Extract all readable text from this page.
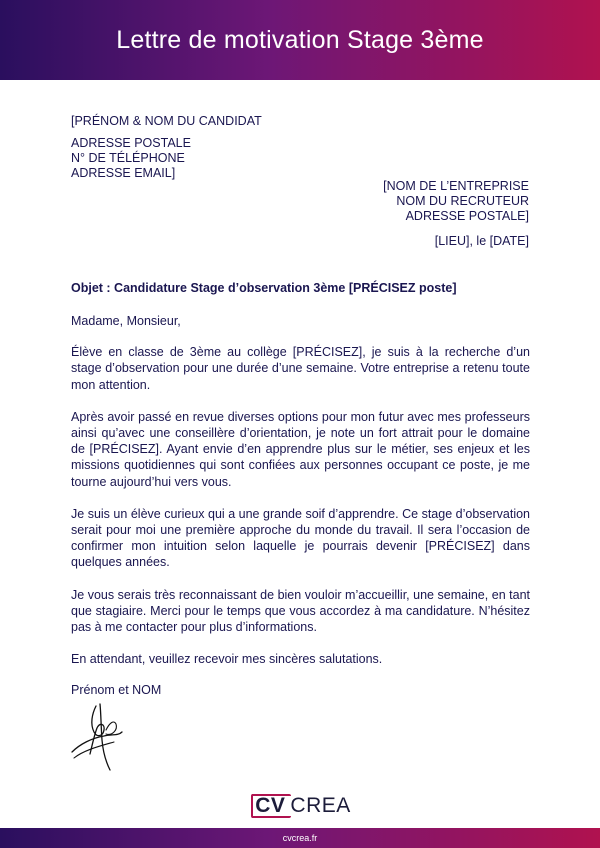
Lettre de motivation Stage 3ème
[PRÉNOM & NOM DU CANDIDAT
ADRESSE POSTALE
N° DE TÉLÉPHONE
ADRESSE EMAIL]
[NOM DE L’ENTREPRISE
NOM DU RECRUTEUR
ADRESSE POSTALE]
[LIEU], le [DATE]
Objet : Candidature Stage d’observation 3ème [PRÉCISEZ poste]

Madame, Monsieur,

Élève en classe de 3ème au collège [PRÉCISEZ], je suis à la recherche d’un stage d’observation pour une durée d’une semaine. Votre entreprise a retenu toute mon attention.

Après avoir passé en revue diverses options pour mon futur avec mes professeurs ainsi qu’avec une conseillère d’orientation, je note un fort attrait pour le domaine de [PRÉCISEZ]. Ayant envie d’en apprendre plus sur le métier, ses enjeux et les missions quotidiennes qui sont confiées aux personnes occupant ce poste, je me tourne aujourd’hui vers vous.

Je suis un élève curieux qui a une grande soif d’apprendre. Ce stage d’observation serait pour moi une première approche du monde du travail. Il sera l’occasion de confirmer mon intuition selon laquelle je pourrais devenir [PRÉCISEZ] dans quelques années.

Je vous serais très reconnaissant de bien vouloir m’accueillir, une semaine, en tant que stagiaire. Merci pour le temps que vous accordez à ma candidature. N’hésitez pas à me contacter pour plus d’informations.

En attendant, veuillez recevoir mes sincères salutations.

Prénom et NOM
CV CREA
cvcrea.fr
